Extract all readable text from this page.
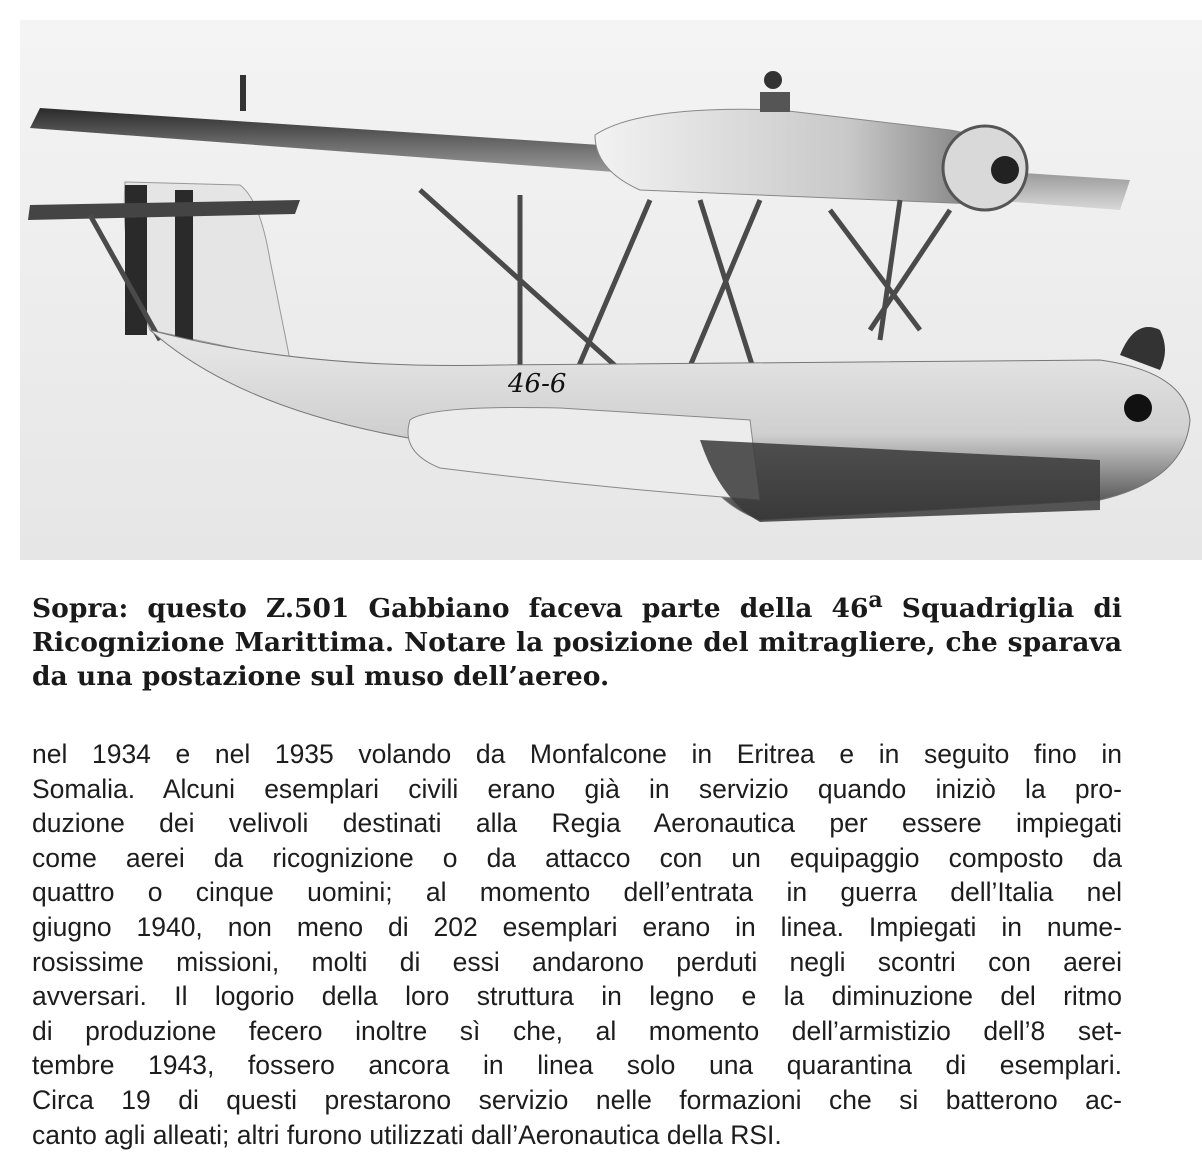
46-6

Sopra: questo Z.501 Gabbiano faceva parte della 46$^a$ Squadriglia di Ricognizione Marittima. Notare la posizione del mitragliere, che sparava da una postazione sul muso dell’aereo.

nel 1934 e nel 1935 volando da Monfalcone in Eritrea e in seguito fino in
Somalia. Alcuni esemplari civili erano già in servizio quando iniziò la pro-
duzione dei velivoli destinati alla Regia Aeronautica per essere impiegati
come aerei da ricognizione o da attacco con un equipaggio composto da
quattro o cinque uomini; al momento dell’entrata in guerra dell’Italia nel
giugno 1940, non meno di 202 esemplari erano in linea. Impiegati in nume-
rosissime missioni, molti di essi andarono perduti negli scontri con aerei
avversari. Il logorio della loro struttura in legno e la diminuzione del ritmo
di produzione fecero inoltre sì che, al momento dell’armistizio dell’8 set-
tembre 1943, fossero ancora in linea solo una quarantina di esemplari.
Circa 19 di questi prestarono servizio nelle formazioni che si batterono ac-
canto agli alleati; altri furono utilizzati dall’Aeronautica della RSI.
